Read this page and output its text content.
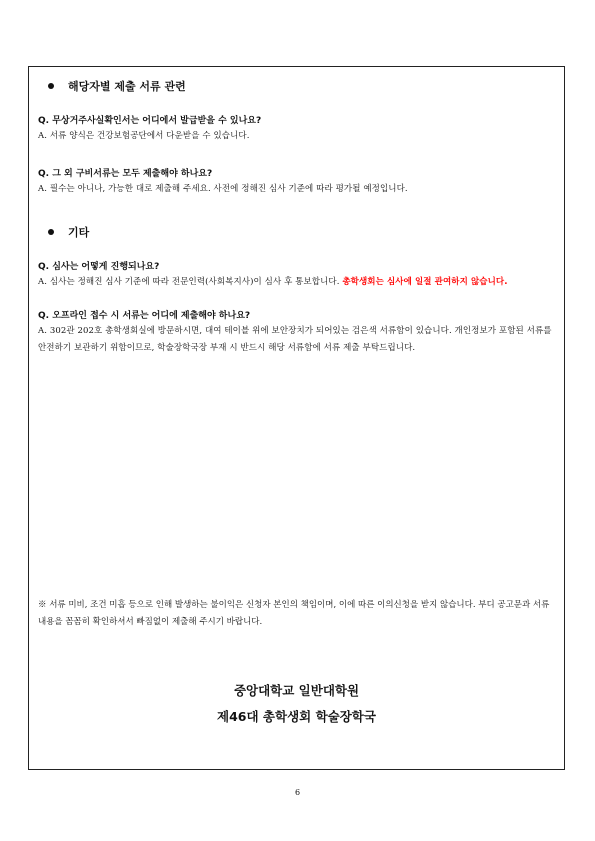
해당자별 제출 서류 관련
Q. 무상거주사실확인서는 어디에서 발급받을 수 있나요?
A. 서류 양식은 건강보험공단에서 다운받을 수 있습니다.
Q. 그 외 구비서류는 모두 제출해야 하나요?
A. 필수는 아니나, 가능한 대로 제출해 주세요. 사전에 정해진 심사 기준에 따라 평가될 예정입니다.
기타
Q. 심사는 어떻게 진행되나요?
A. 심사는 정해진 심사 기준에 따라 전문인력(사회복지사)이 심사 후 통보합니다. 총학생회는 심사에 일절 관여하지 않습니다.
Q. 오프라인 접수 시 서류는 어디에 제출해야 하나요?
A. 302관 202호 총학생회실에 방문하시면, 대여 테이블 위에 보안장치가 되어있는 검은색 서류함이 있습니다. 개인정보가 포함된 서류를 안전하기 보관하기 위함이므로, 학술장학국장 부재 시 반드시 해당 서류함에 서류 제출 부탁드립니다.
※ 서류 미비, 조건 미흡 등으로 인해 발생하는 불이익은 신청자 본인의 책임이며, 이에 따른 이의신청을 받지 않습니다. 부디 공고문과 서류 내용을 꼼꼼히 확인하셔서 빠짐없이 제출해 주시기 바랍니다.
중앙대학교 일반대학원
제46대 총학생회 학술장학국
6
